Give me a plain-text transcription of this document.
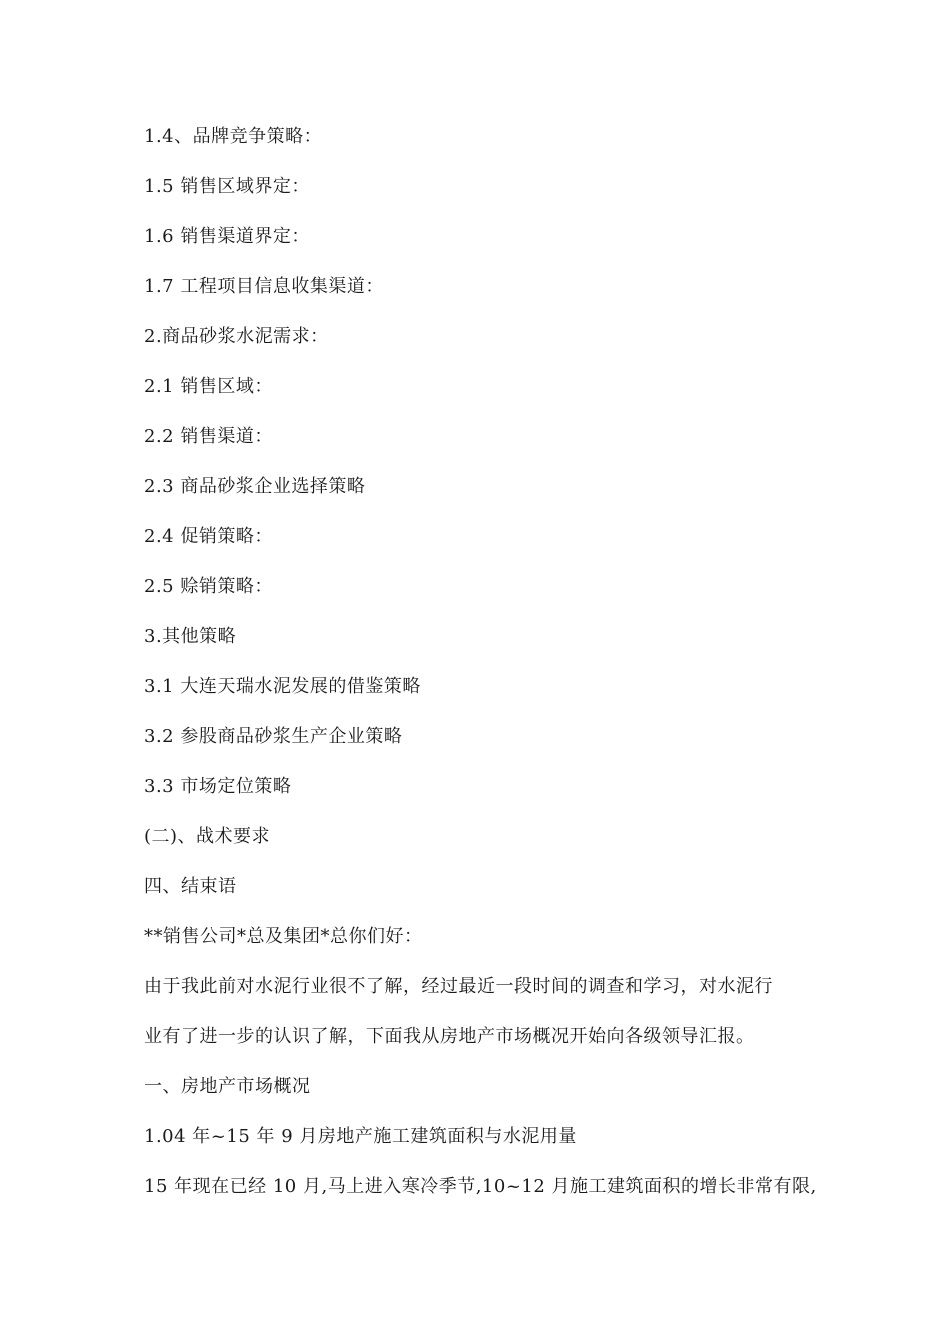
1.4、品牌竞争策略：
1.5 销售区域界定：
1.6 销售渠道界定：
1.7 工程项目信息收集渠道：
2.商品砂浆水泥需求：
2.1 销售区域：
2.2 销售渠道：
2.3 商品砂浆企业选择策略
2.4 促销策略：
2.5 赊销策略：
3.其他策略
3.1 大连天瑞水泥发展的借鉴策略
3.2 参股商品砂浆生产企业策略
3.3 市场定位策略
(二)、战术要求
四、结束语
**销售公司*总及集团*总你们好：
由于我此前对水泥行业很不了解，经过最近一段时间的调查和学习，对水泥行
业有了进一步的认识了解，下面我从房地产市场概况开始向各级领导汇报。
一、房地产市场概况
1.04 年~15 年 9 月房地产施工建筑面积与水泥用量
15 年现在已经 10 月,马上进入寒冷季节,10~12 月施工建筑面积的增长非常有限,
